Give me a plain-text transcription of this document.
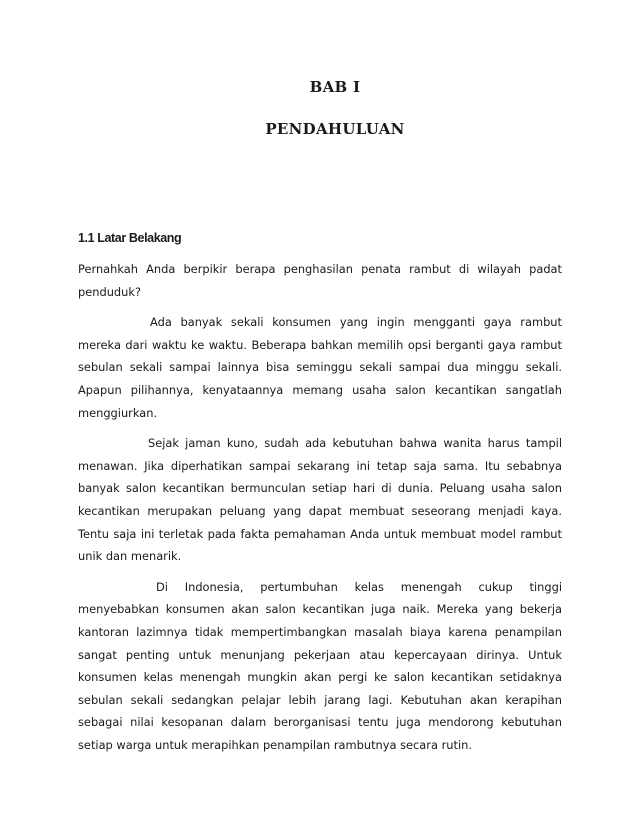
BAB I
PENDAHULUAN
1.1 Latar Belakang

Pernahkah Anda berpikir berapa penghasilan penata rambut di wilayah padat penduduk?

Ada banyak sekali konsumen yang ingin mengganti gaya rambut mereka dari waktu ke waktu. Beberapa bahkan memilih opsi berganti gaya rambut sebulan sekali sampai lainnya bisa seminggu sekali sampai dua minggu sekali. Apapun pilihannya, kenyataannya memang usaha salon kecantikan sangatlah menggiurkan.

Sejak jaman kuno, sudah ada kebutuhan bahwa wanita harus tampil menawan. Jika diperhatikan sampai sekarang ini tetap saja sama. Itu sebabnya banyak salon kecantikan bermunculan setiap hari di dunia. Peluang usaha salon kecantikan merupakan peluang yang dapat membuat seseorang menjadi kaya. Tentu saja ini terletak pada fakta pemahaman Anda untuk membuat model rambut unik dan menarik.

Di Indonesia, pertumbuhan kelas menengah cukup tinggi menyebabkan konsumen akan salon kecantikan juga naik. Mereka yang bekerja kantoran lazimnya tidak mempertimbangkan masalah biaya karena penampilan sangat penting untuk menunjang pekerjaan atau kepercayaan dirinya. Untuk konsumen kelas menengah mungkin akan pergi ke salon kecantikan setidaknya sebulan sekali sedangkan pelajar lebih jarang lagi. Kebutuhan akan kerapihan sebagai nilai kesopanan dalam berorganisasi tentu juga mendorong kebutuhan setiap warga untuk merapihkan penampilan rambutnya secara rutin.
